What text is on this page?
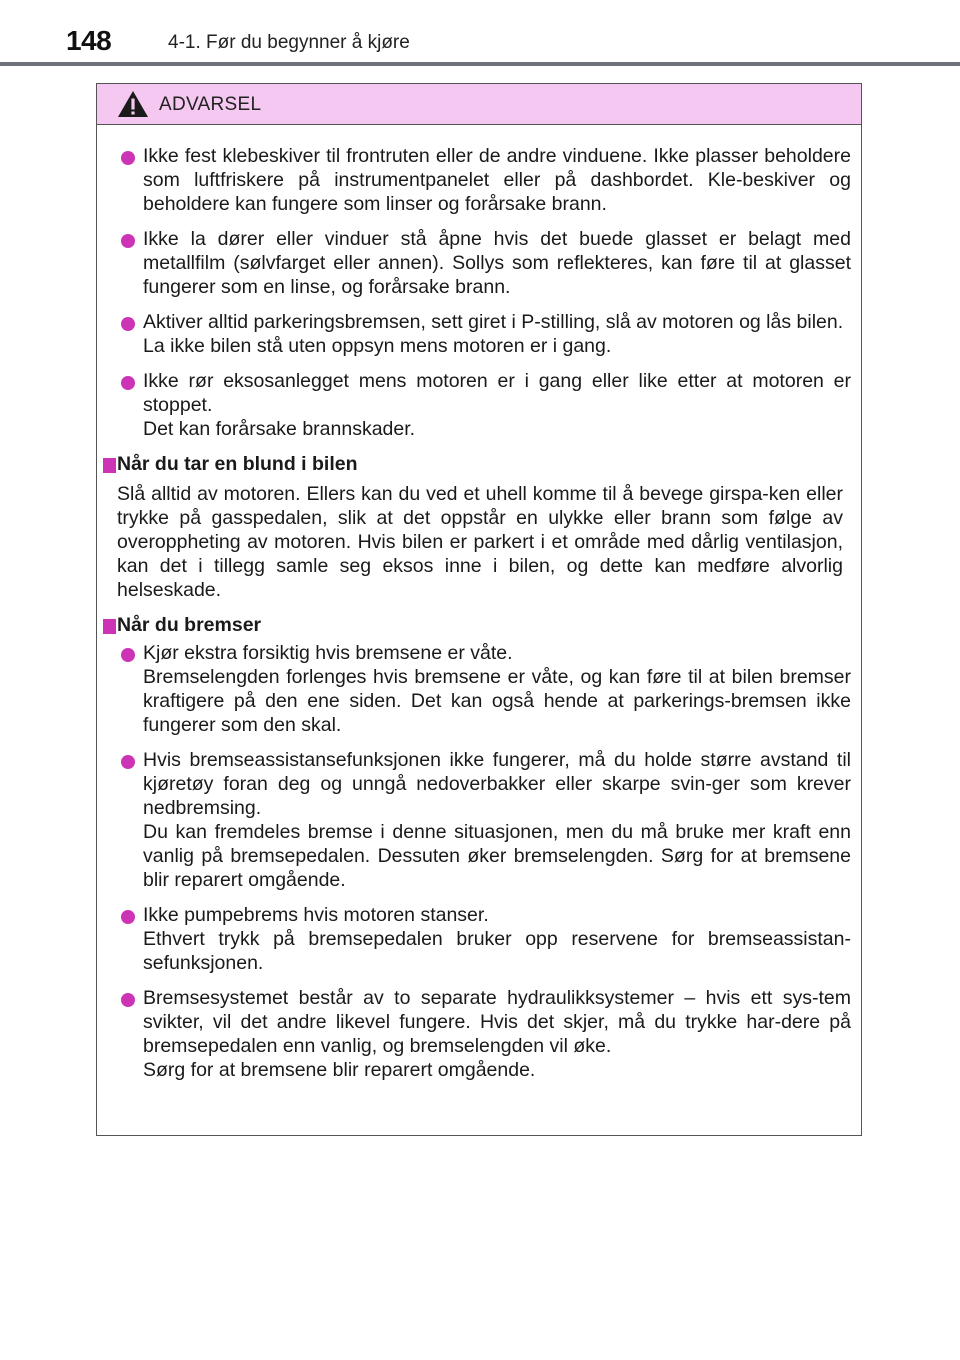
148	4-1. Før du begynner å kjøre
ADVARSEL

Ikke fest klebeskiver til frontruten eller de andre vinduene. Ikke plasser beholdere som luftfriskere på instrumentpanelet eller på dashbordet. Kle-beskiver og beholdere kan fungere som linser og forårsake brann.

Ikke la dører eller vinduer stå åpne hvis det buede glasset er belagt med metallfilm (sølvfarget eller annen). Sollys som reflekteres, kan føre til at glasset fungerer som en linse, og forårsake brann.

Aktiver alltid parkeringsbremsen, sett giret i P-stilling, slå av motoren og lås bilen.

La ikke bilen stå uten oppsyn mens motoren er i gang.

Ikke rør eksosanlegget mens motoren er i gang eller like etter at motoren er stoppet.

Det kan forårsake brannskader.

Når du tar en blund i bilen

Slå alltid av motoren. Ellers kan du ved et uhell komme til å bevege girspa-ken eller trykke på gasspedalen, slik at det oppstår en ulykke eller brann som følge av overoppheting av motoren. Hvis bilen er parkert i et område med dårlig ventilasjon, kan det i tillegg samle seg eksos inne i bilen, og dette kan medføre alvorlig helseskade.

Når du bremser

Kjør ekstra forsiktig hvis bremsene er våte.

Bremselengden forlenges hvis bremsene er våte, og kan føre til at bilen bremser kraftigere på den ene siden. Det kan også hende at parkerings-bremsen ikke fungerer som den skal.

Hvis bremseassistansefunksjonen ikke fungerer, må du holde større avstand til kjøretøy foran deg og unngå nedoverbakker eller skarpe svin-ger som krever nedbremsing.

Du kan fremdeles bremse i denne situasjonen, men du må bruke mer kraft enn vanlig på bremsepedalen. Dessuten øker bremselengden. Sørg for at bremsene blir reparert omgående.

Ikke pumpebrems hvis motoren stanser.

Ethvert trykk på bremsepedalen bruker opp reservene for bremseassistan-sefunksjonen.

Bremsesystemet består av to separate hydraulikksystemer – hvis ett sys-tem svikter, vil det andre likevel fungere. Hvis det skjer, må du trykke har-dere på bremsepedalen enn vanlig, og bremselengden vil øke.

Sørg for at bremsene blir reparert omgående.
